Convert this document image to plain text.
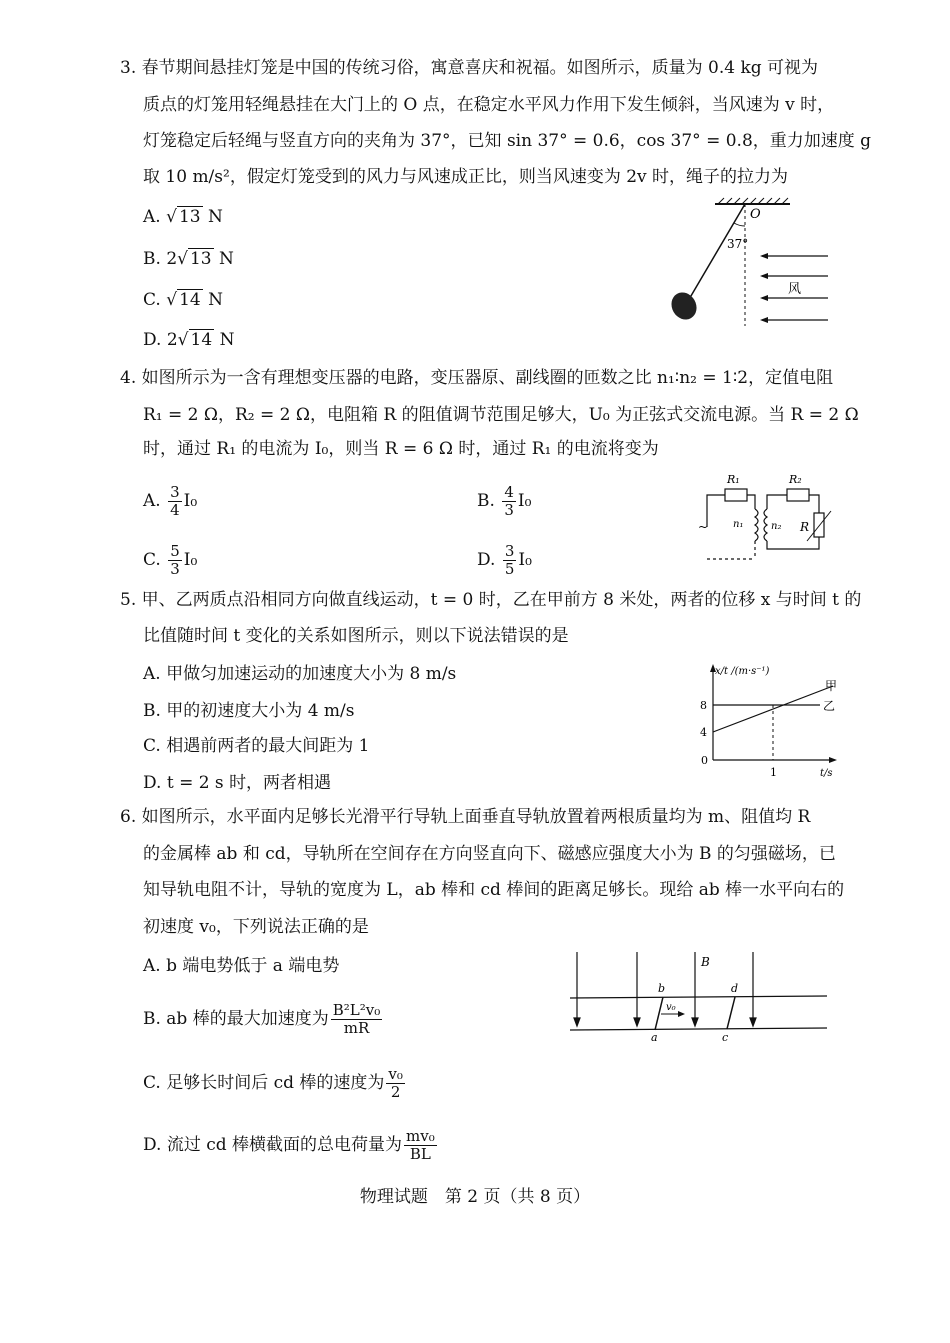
3. 春节期间悬挂灯笼是中国的传统习俗，寓意喜庆和祝福。如图所示，质量为 0.4 kg 可视为
质点的灯笼用轻绳悬挂在大门上的 O 点，在稳定水平风力作用下发生倾斜，当风速为 v 时，
灯笼稳定后轻绳与竖直方向的夹角为 37°，已知 sin 37° = 0.6，cos 37° = 0.8，重力加速度 g
取 10 m/s²，假定灯笼受到的风力与风速成正比，则当风速变为 2v 时，绳子的拉力为
A. √ 13 N
B. 2√ 13 N
C. √ 14 N
D. 2√ 14 N
O
37°
风
4. 如图所示为一含有理想变压器的电路，变压器原、副线圈的匝数之比 n₁∶n₂ = 1∶2，定值电阻
R₁ = 2 Ω，R₂ = 2 Ω，电阻箱 R 的阻值调节范围足够大，U₀ 为正弦式交流电源。当 R = 2 Ω
时，通过 R₁ 的电流为 I₀，则当 R = 6 Ω 时，通过 R₁ 的电流将变为
A. $\frac{3}{4} I_0$	B. $\frac{4}{3} I_0$
C. $\frac{5}{3} I_0$	D. $\frac{3}{5} I_0$
~
R₁
n₁
R₂
n₂ R
5. 甲、乙两质点沿相同方向做直线运动，t = 0 时，乙在甲前方 8 米处，两者的位移 x 与时间 t 的
比值随时间 t 变化的关系如图所示，则以下说法错误的是
A. 甲做匀加速运动的加速度大小为 8 m/s
B. 甲的初速度大小为 4 m/s
C. 相遇前两者的最大间距为 1
D. t = 2 s 时，两者相遇
x/t /(m·s⁻¹)
t/s
8
4
0
1
甲
乙
6. 如图所示，水平面内足够长光滑平行导轨上面垂直导轨放置着两根质量均为 m、阻值均 R
的金属棒 ab 和 cd，导轨所在空间存在方向竖直向下、磁感应强度大小为 B 的匀强磁场，已
知导轨电阻不计，导轨的宽度为 L，ab 棒和 cd 棒间的距离足够长。现给 ab 棒一水平向右的
初速度 v₀，下列说法正确的是
A. b 端电势低于 a 端电势
B. ab 棒的最大加速度为 $\frac{\text{B²L²v₀}}{mR}$
C. 足够长时间后 cd 棒的速度为 $\frac{\text{v₀}}{2}$
D. 流过 cd 棒横截面的总电荷量为 $\frac{\text{mv₀}}{BL}$
B
b	d
a	c
v₀
物理试题　第 2 页（共 8 页）
